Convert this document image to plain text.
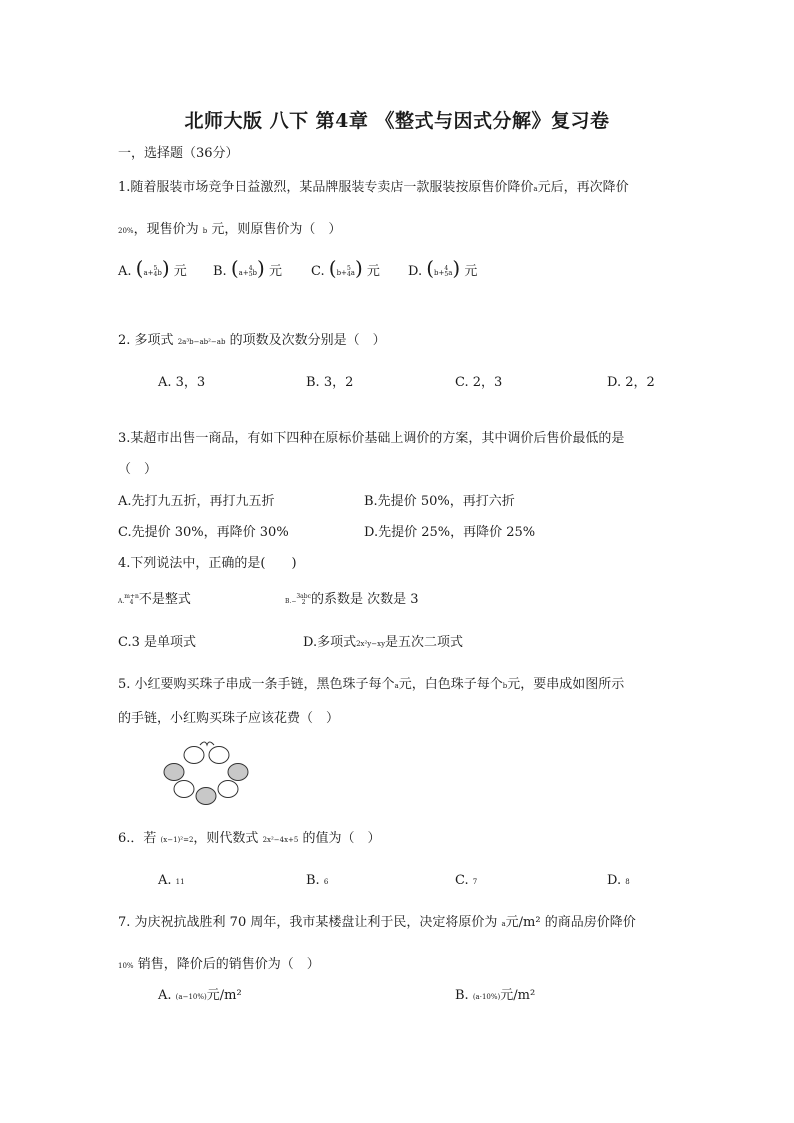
北师大版 八下 第4章 《整式与因式分解》复习卷
一，选择题（36分）
1.随着服装市场竞争日益激烈，某品牌服装专卖店一款服装按原售价降价a元后，再次降价
20%，现售价为 b 元，则原售价为（　）
A. (a+
5
4 b) 元 B. (a+
4
5 b) 元 C. (b+
5
4 a) 元 D. (b+
4
5 a) 元
2. 多项式 2a³b−ab²−ab 的项数及次数分别是（　）
A. 3，3	B. 3，2	C. 2，3	D. 2，2
3.某超市出售一商品，有如下四种在原标价基础上调价的方案，其中调价后售价最低的是
（　）
A.先打九五折，再打九五折	B.先提价 50%，再打六折
C.先提价 30%，再降价 30%	D.先提价 25%，再降价 25%
4.下列说法中，正确的是(　　)
A.
m+n
4 不是整式	B.−
3abc
2 的系数是 次数是 3
C.3 是单项式	D.多项式2x²y−xy是五次二项式
5. 小红要购买珠子串成一条手链，黑色珠子每个a元，白色珠子每个b元，要串成如图所示
的手链，小红购买珠子应该花费（　）
6.．若 (x−1)²=2，则代数式 2x²−4x+5 的值为（　）
A. 11	B. 6	C. 7	D. 8
7. 为庆祝抗战胜利 70 周年，我市某楼盘让利于民，决定将原价为 a元/m² 的商品房价降价
10% 销售，降价后的销售价为（　）
A. (a−10%)元/m²	B. (a·10%)元/m²
